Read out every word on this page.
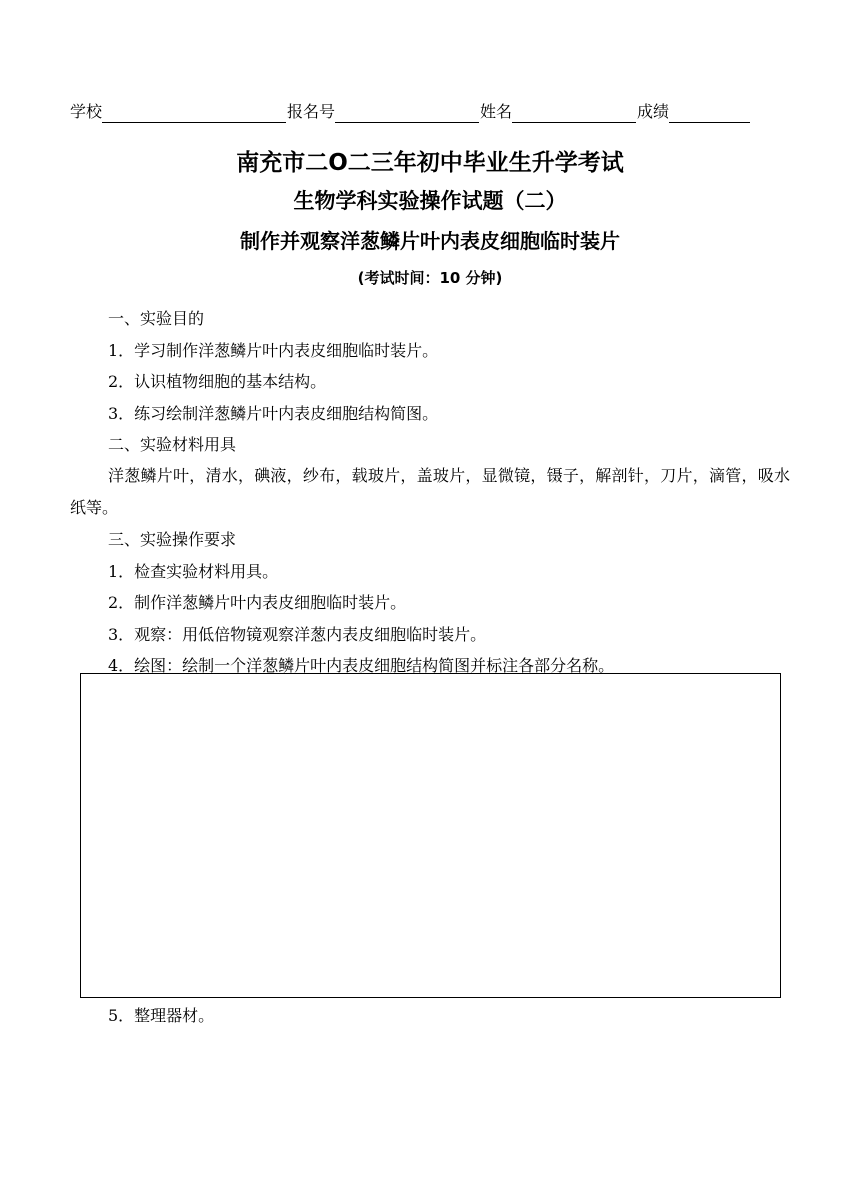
学校	报名号	姓名	成绩
南充市二O二三年初中毕业生升学考试
生物学科实验操作试题（二）
制作并观察洋葱鳞片叶内表皮细胞临时装片
(考试时间：10 分钟)
一、实验目的
1．学习制作洋葱鳞片叶内表皮细胞临时装片。
2．认识植物细胞的基本结构。
3．练习绘制洋葱鳞片叶内表皮细胞结构简图。
二、实验材料用具
洋葱鳞片叶，清水，碘液，纱布，载玻片，盖玻片，显微镜，镊子，解剖针，刀片，滴管，吸水纸等。
三、实验操作要求
1．检查实验材料用具。
2．制作洋葱鳞片叶内表皮细胞临时装片。
3．观察：用低倍物镜观察洋葱内表皮细胞临时装片。
4．绘图：绘制一个洋葱鳞片叶内表皮细胞结构简图并标注各部分名称。
5．整理器材。
